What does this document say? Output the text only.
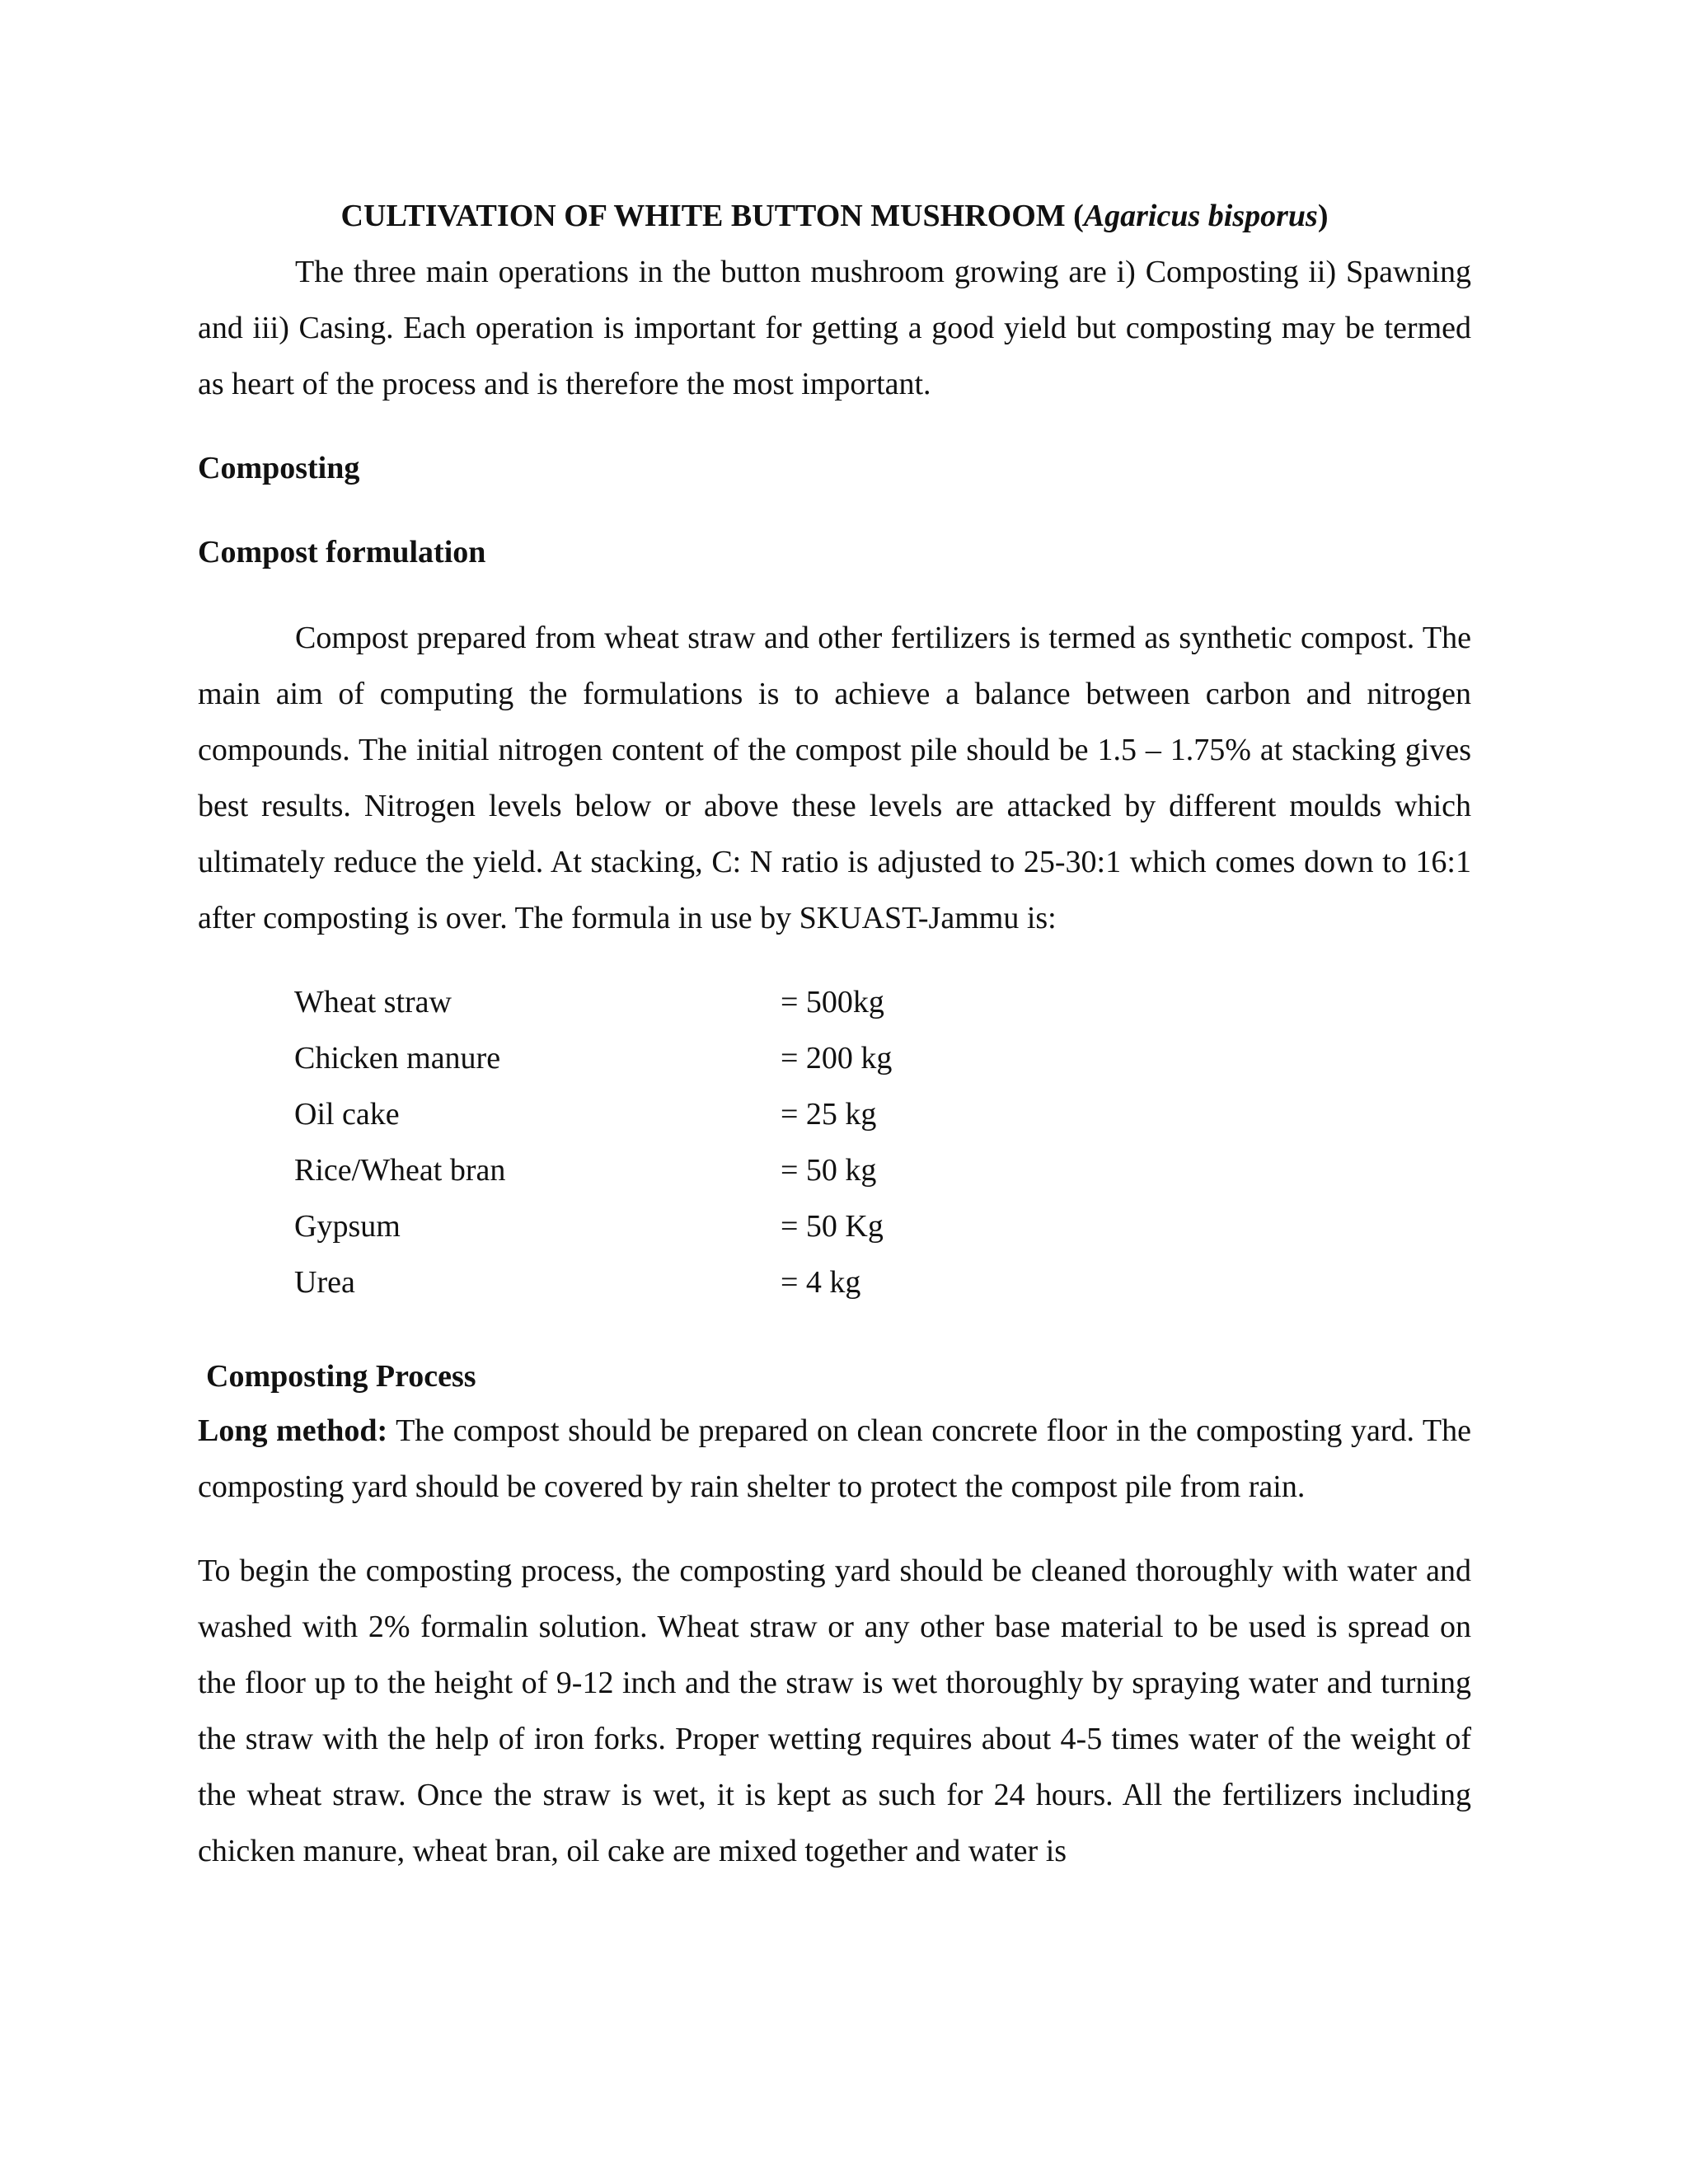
CULTIVATION OF WHITE BUTTON MUSHROOM (Agaricus bisporus)
The three main operations in the button mushroom growing are i) Composting ii) Spawning and iii) Casing. Each operation is important for getting a good yield but composting may be termed as heart of the process and is therefore the most important.
Composting
Compost formulation
Compost prepared from wheat straw and other fertilizers is termed as synthetic compost. The main aim of computing the formulations is to achieve a balance between carbon and nitrogen compounds. The initial nitrogen content of the compost pile should be 1.5 – 1.75% at stacking gives best results. Nitrogen levels below or above these levels are attacked by different moulds which ultimately reduce the yield. At stacking, C: N ratio is adjusted to 25-30:1 which comes down to 16:1 after composting is over. The formula in use by SKUAST-Jammu is:
Wheat straw	= 500kg
Chicken manure	= 200 kg
Oil cake	= 25 kg
Rice/Wheat bran	= 50 kg
Gypsum	= 50 Kg
Urea	= 4 kg
Composting Process
Long method: The compost should be prepared on clean concrete floor in the composting yard. The composting yard should be covered by rain shelter to protect the compost pile from rain.
To begin the composting process, the composting yard should be cleaned thoroughly with water and washed with 2% formalin solution. Wheat straw or any other base material to be used is spread on the floor up to the height of 9-12 inch and the straw is wet thoroughly by spraying water and turning the straw with the help of iron forks. Proper wetting requires about 4-5 times water of the weight of the wheat straw. Once the straw is wet, it is kept as such for 24 hours. All the fertilizers including chicken manure, wheat bran, oil cake are mixed together and water is
